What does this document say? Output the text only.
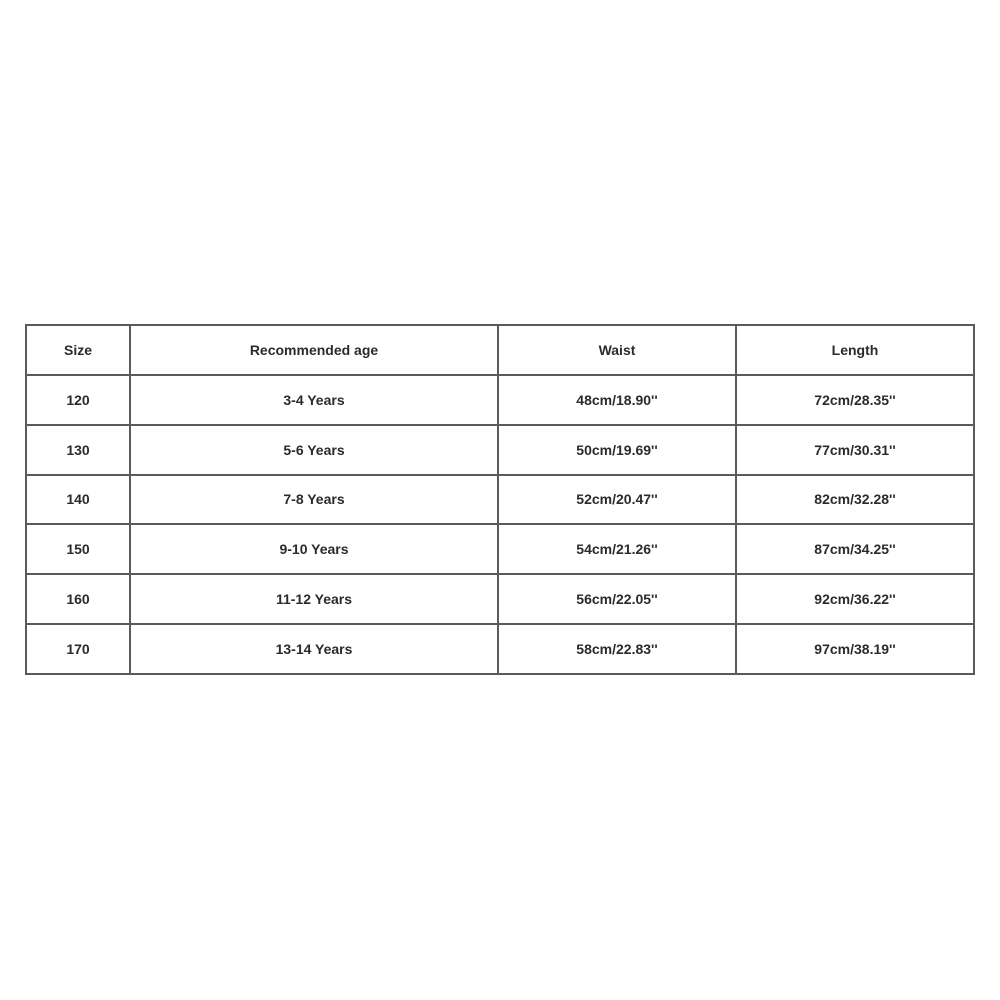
Size	Recommended age	Waist	Length
120	3-4 Years	48cm/18.90''	72cm/28.35''
130	5-6 Years	50cm/19.69''	77cm/30.31''
140	7-8 Years	52cm/20.47''	82cm/32.28''
150	9-10 Years	54cm/21.26''	87cm/34.25''
160	11-12 Years	56cm/22.05''	92cm/36.22''
170	13-14 Years	58cm/22.83''	97cm/38.19''
